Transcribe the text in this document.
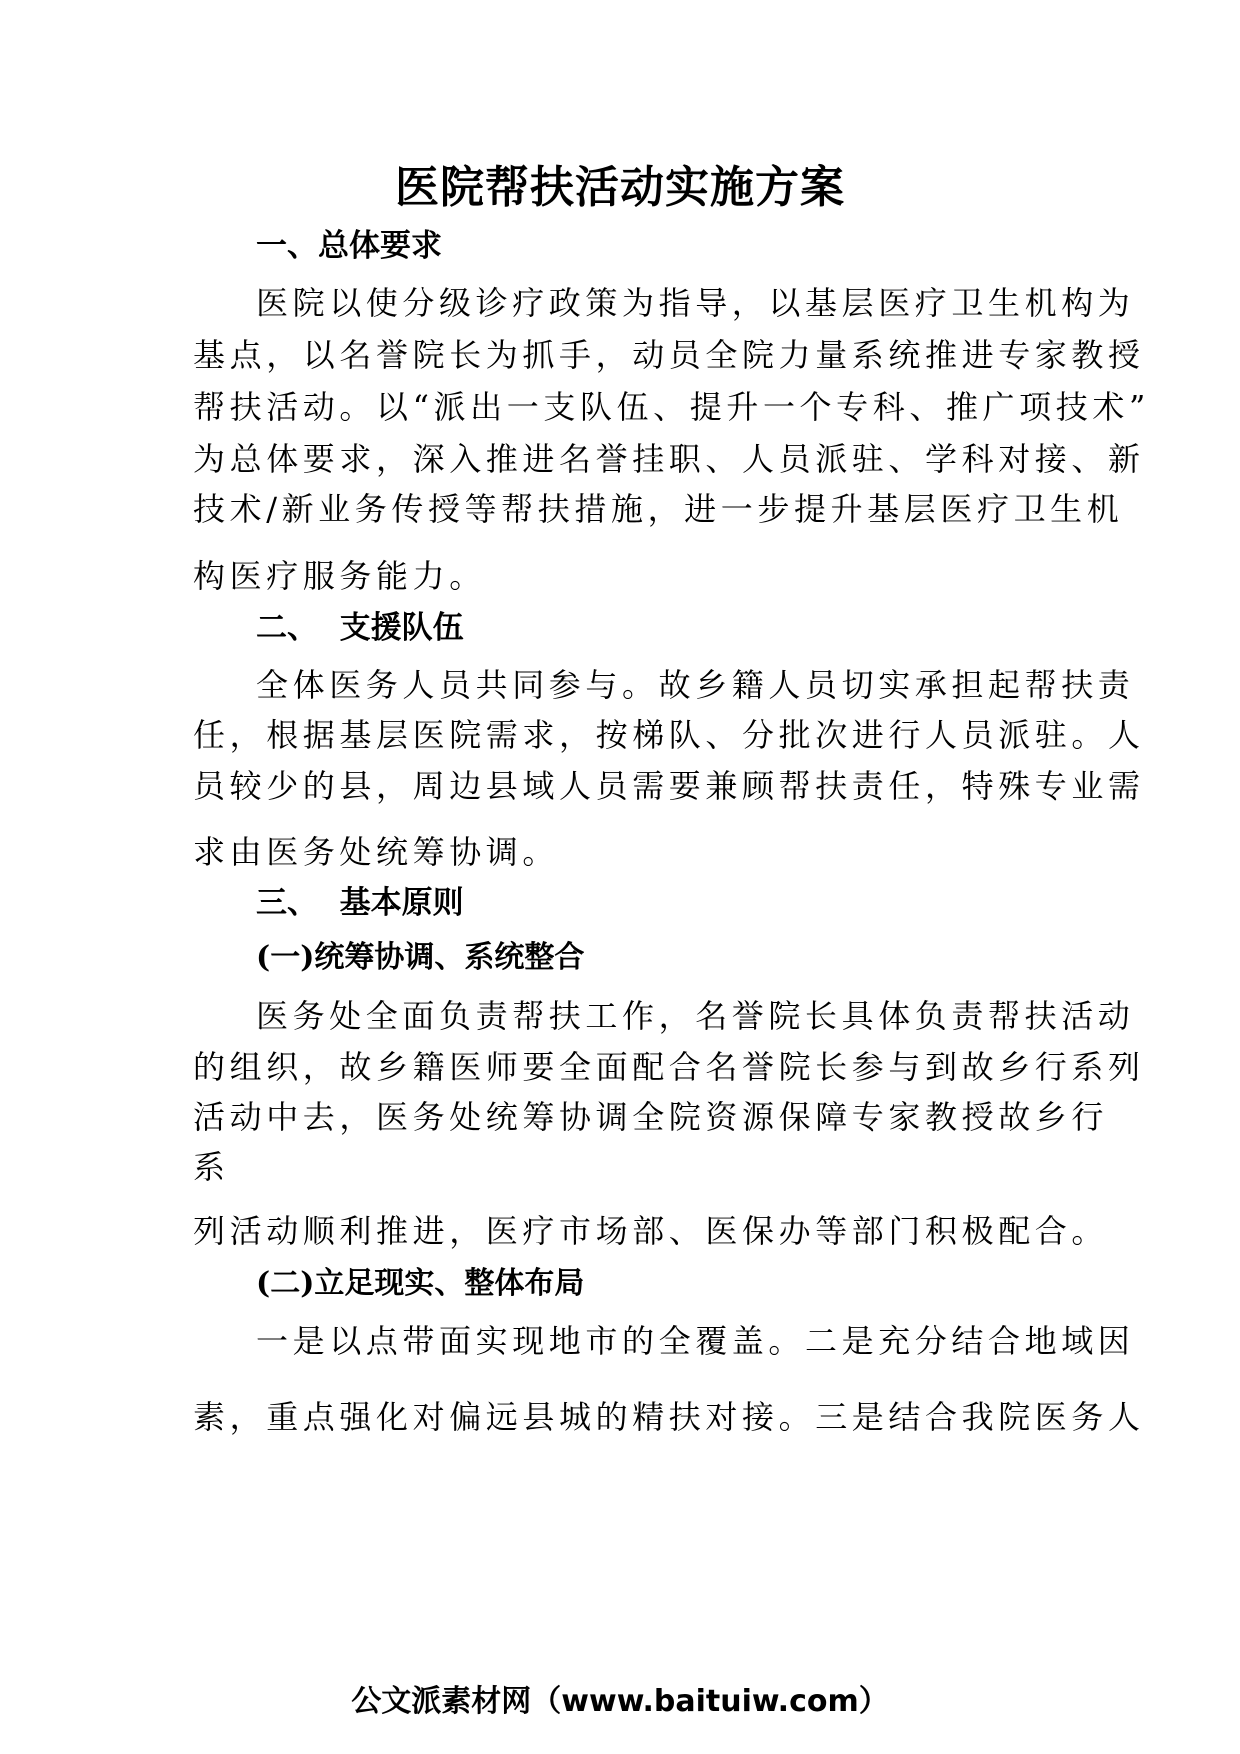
医院帮扶活动实施方案
一、总体要求
医院以使分级诊疗政策为指导，以基层医疗卫生机构为
基点，以名誉院长为抓手，动员全院力量系统推进专家教授
帮扶活动。以“派出一支队伍、提升一个专科、推广项技术”
为总体要求，深入推进名誉挂职、人员派驻、学科对接、新
技术/新业务传授等帮扶措施，进一步提升基层医疗卫生机
构医疗服务能力。
二、  支援队伍
全体医务人员共同参与。故乡籍人员切实承担起帮扶责
任，根据基层医院需求，按梯队、分批次进行人员派驻。人
员较少的县，周边县域人员需要兼顾帮扶责任，特殊专业需
求由医务处统筹协调。
三、  基本原则
(一)统筹协调、系统整合
医务处全面负责帮扶工作，名誉院长具体负责帮扶活动
的组织，故乡籍医师要全面配合名誉院长参与到故乡行系列
活动中去，医务处统筹协调全院资源保障专家教授故乡行
系
列活动顺利推进，医疗市场部、医保办等部门积极配合。
(二)立足现实、整体布局
一是以点带面实现地市的全覆盖。二是充分结合地域因
素，重点强化对偏远县城的精扶对接。三是结合我院医务人
公文派素材网（www.baituiw.com）
